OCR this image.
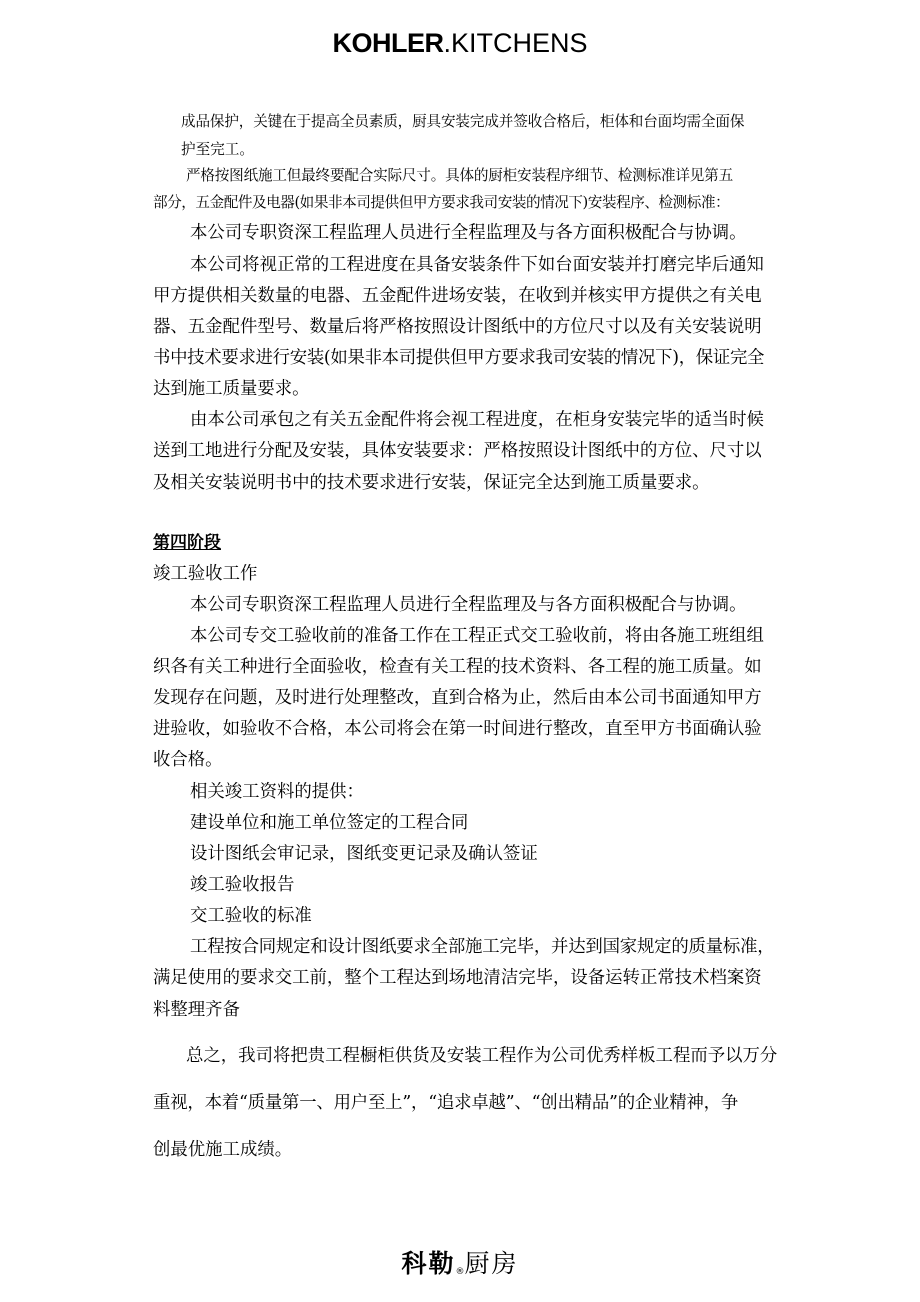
KOHLER.KITCHENS
成品保护，关键在于提高全员素质，厨具安装完成并签收合格后，柜体和台面均需全面保
护至完工。
严格按图纸施工但最终要配合实际尺寸。具体的厨柜安装程序细节、检测标准详见第五
部分，五金配件及电器(如果非本司提供但甲方要求我司安装的情况下)安装程序、检测标准：
本公司专职资深工程监理人员进行全程监理及与各方面积极配合与协调。
本公司将视正常的工程进度在具备安装条件下如台面安装并打磨完毕后通知
甲方提供相关数量的电器、五金配件进场安装，在收到并核实甲方提供之有关电
器、五金配件型号、数量后将严格按照设计图纸中的方位尺寸以及有关安装说明
书中技术要求进行安装(如果非本司提供但甲方要求我司安装的情况下)，保证完全
达到施工质量要求。
由本公司承包之有关五金配件将会视工程进度，在柜身安装完毕的适当时候
送到工地进行分配及安装，具体安装要求：严格按照设计图纸中的方位、尺寸以
及相关安装说明书中的技术要求进行安装，保证完全达到施工质量要求。
第四阶段
竣工验收工作
本公司专职资深工程监理人员进行全程监理及与各方面积极配合与协调。
本公司专交工验收前的准备工作在工程正式交工验收前，将由各施工班组组
织各有关工种进行全面验收，检查有关工程的技术资料、各工程的施工质量。如
发现存在问题，及时进行处理整改，直到合格为止，然后由本公司书面通知甲方
进验收，如验收不合格，本公司将会在第一时间进行整改，直至甲方书面确认验
收合格。
相关竣工资料的提供：
建设单位和施工单位签定的工程合同
设计图纸会审记录，图纸变更记录及确认签证
竣工验收报告
交工验收的标准
工程按合同规定和设计图纸要求全部施工完毕，并达到国家规定的质量标准，
满足使用的要求交工前，整个工程达到场地清洁完毕，设备运转正常技术档案资
料整理齐备
总之，我司将把贵工程橱柜供货及安装工程作为公司优秀样板工程而予以万分
重视，本着“质量第一、用户至上”，“追求卓越”、“创出精品”的企业精神，争
创最优施工成绩。
科勒®厨房
